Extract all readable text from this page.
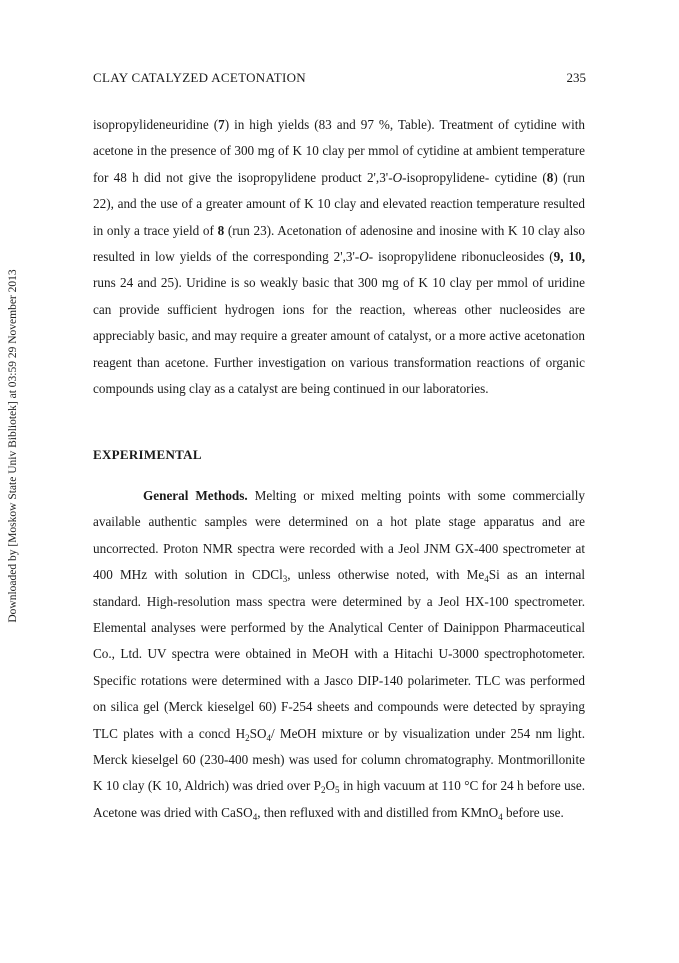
Downloaded by [Moskow State Univ Bibliotek] at 03:59 29 November 2013
CLAY CATALYZED ACETONATION	235

isopropylideneuridine (7) in high yields (83 and 97 %, Table). Treatment of cytidine with acetone in the presence of 300 mg of K 10 clay per mmol of cytidine at ambient temperature for 48 h did not give the isopropylidene product 2',3'-O-isopropylidene- cytidine (8) (run 22), and the use of a greater amount of K 10 clay and elevated reaction temperature resulted in only a trace yield of 8 (run 23). Acetonation of adenosine and inosine with K 10 clay also resulted in low yields of the corresponding 2',3'-O- isopropylidene ribonucleosides (9, 10, runs 24 and 25). Uridine is so weakly basic that 300 mg of K 10 clay per mmol of uridine can provide sufficient hydrogen ions for the reaction, whereas other nucleosides are appreciably basic, and may require a greater amount of catalyst, or a more active acetonation reagent than acetone. Further investigation on various transformation reactions of organic compounds using clay as a catalyst are being continued in our laboratories.

EXPERIMENTAL

General Methods. Melting or mixed melting points with some commercially available authentic samples were determined on a hot plate stage apparatus and are uncorrected. Proton NMR spectra were recorded with a Jeol JNM GX-400 spectrometer at 400 MHz with solution in CDCl$_3$, unless otherwise noted, with $Me_4Si$ as an internal standard. High-resolution mass spectra were determined by a Jeol HX-100 spectrometer. Elemental analyses were performed by the Analytical Center of Dainippon Pharmaceutical Co., Ltd. UV spectra were obtained in MeOH with a Hitachi U-3000 spectrophotometer. Specific rotations were determined with a Jasco DIP-140 polarimeter. TLC was performed on silica gel (Merck kieselgel 60) F-254 sheets and compounds were detected by spraying TLC plates with a concd $H_2SO_4/$ MeOH mixture or by visualization under 254 nm light. Merck kieselgel 60 (230-400 mesh) was used for column chromatography. Montmorillonite K 10 clay (K 10, Aldrich) was dried over $P_2O_5$ in high vacuum at 110 °C for 24 h before use. Acetone was dried with CaSO$_4$, then refluxed with and distilled from KMnO$_4$ before use.
